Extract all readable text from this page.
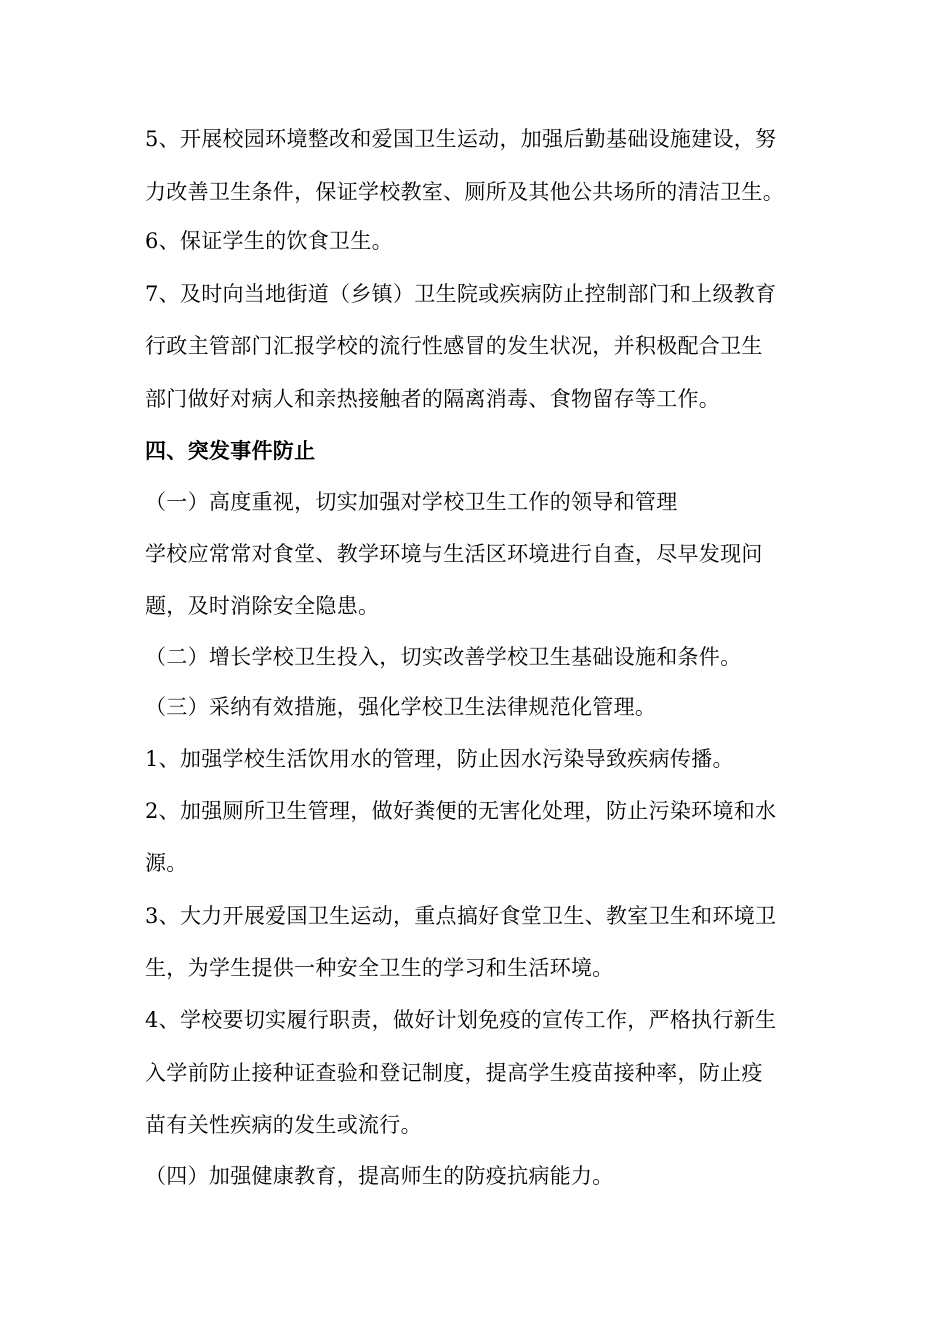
5、开展校园环境整改和爱国卫生运动，加强后勤基础设施建设，努
力改善卫生条件，保证学校教室、厕所及其他公共场所的清洁卫生。
6、保证学生的饮食卫生。
7、及时向当地街道（乡镇）卫生院或疾病防止控制部门和上级教育
行政主管部门汇报学校的流行性感冒的发生状况，并积极配合卫生
部门做好对病人和亲热接触者的隔离消毒、食物留存等工作。
四、突发事件防止
（一）高度重视，切实加强对学校卫生工作的领导和管理
学校应常常对食堂、教学环境与生活区环境进行自查，尽早发现问
题，及时消除安全隐患。
（二）增长学校卫生投入，切实改善学校卫生基础设施和条件。
（三）采纳有效措施，强化学校卫生法律规范化管理。
1、加强学校生活饮用水的管理，防止因水污染导致疾病传播。
2、加强厕所卫生管理，做好粪便的无害化处理，防止污染环境和水
源。
3、大力开展爱国卫生运动，重点搞好食堂卫生、教室卫生和环境卫
生，为学生提供一种安全卫生的学习和生活环境。
4、学校要切实履行职责，做好计划免疫的宣传工作，严格执行新生
入学前防止接种证查验和登记制度，提高学生疫苗接种率，防止疫
苗有关性疾病的发生或流行。
（四）加强健康教育，提高师生的防疫抗病能力。
